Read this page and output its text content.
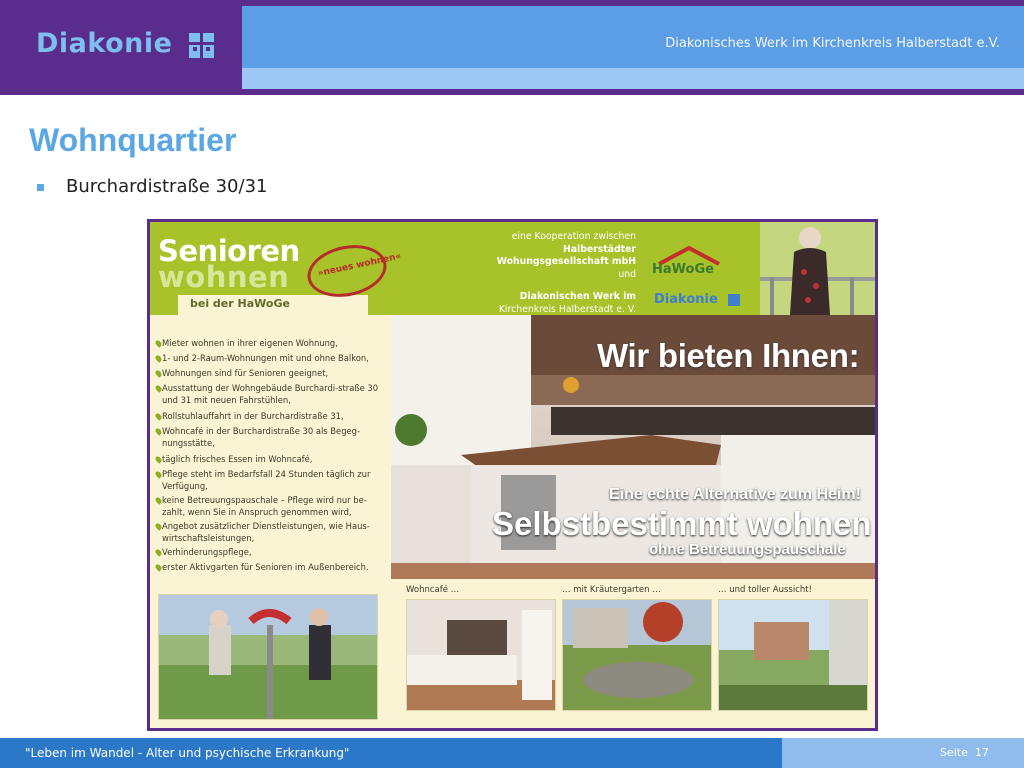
Diakonie	Diakonisches Werk im Kirchenkreis Halberstadt e.V.
Wohnquartier
Burchardistraße 30/31
Senioren
wohnen
bei der HaWoGe
»neues wohnen«
eine Kooperation zwischen
Halberstädter Wohungsgesellschaft mbH
und
Diakonischen Werk im
Kirchenkreis Halberstadt e. V.
HaWoGe
Diakonie
Mieter wohnen in ihrer eigenen Wohnung,
1- und 2-Raum-Wohnungen mit und ohne Balkon,
Wohnungen sind für Senioren geeignet,
Ausstattung der Wohngebäude Burchardi-straße 30 und 31 mit neuen Fahrstühlen,
Rollstuhlauffahrt in der Burchardistraße 31,
Wohncafé in der Burchardistraße 30 als Begeg-nungsstätte,
täglich frisches Essen im Wohncafé,
Pflege steht im Bedarfsfall 24 Stunden täglich zur Verfügung,
keine Betreuungspauschale – Pflege wird nur be-zahlt, wenn Sie in Anspruch genommen wird,
Angebot zusätzlicher Dienstleistungen, wie Haus-wirtschaftsleistungen,
Verhinderungspflege,
erster Aktivgarten für Senioren im Außenbereich.
Wir bieten Ihnen:
Eine echte Alternative zum Heim!
Selbstbestimmt wohnen
ohne Betreuungspauschale
Wohncafé …	… mit Kräutergarten …	… und toller Aussicht!
"Leben im Wandel - Alter und psychische Erkrankung"	Seite 17
